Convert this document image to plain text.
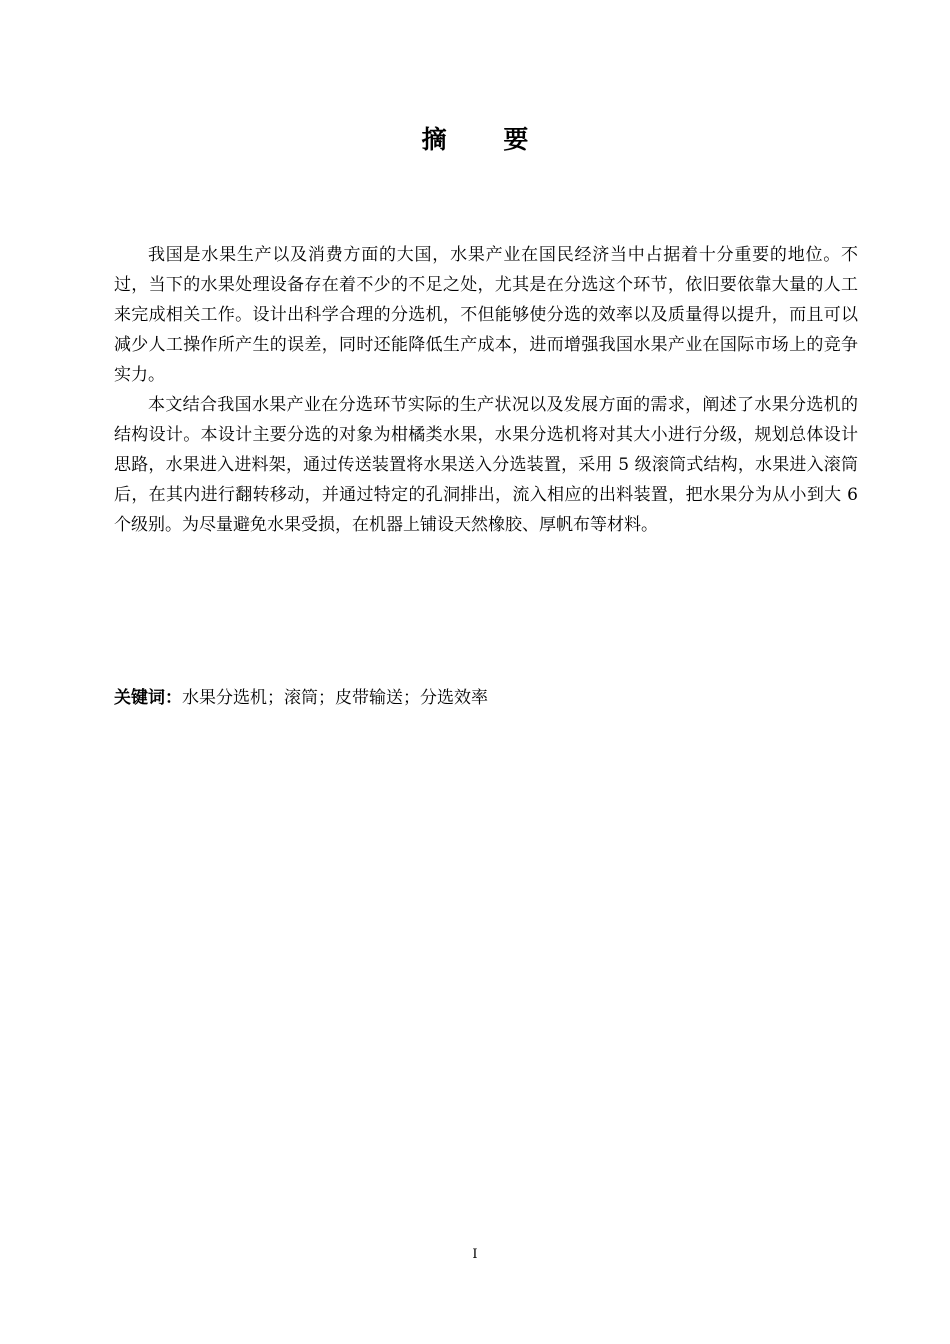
摘 要

我国是水果生产以及消费方面的大国，水果产业在国民经济当中占据着十分重要的地位。不过，当下的水果处理设备存在着不少的不足之处，尤其是在分选这个环节，依旧要依靠大量的人工来完成相关工作。设计出科学合理的分选机，不但能够使分选的效率以及质量得以提升，而且可以减少人工操作所产生的误差，同时还能降低生产成本，进而增强我国水果产业在国际市场上的竞争实力。

本文结合我国水果产业在分选环节实际的生产状况以及发展方面的需求，阐述了水果分选机的结构设计。本设计主要分选的对象为柑橘类水果，水果分选机将对其大小进行分级，规划总体设计思路，水果进入进料架，通过传送装置将水果送入分选装置，采用 5 级滚筒式结构，水果进入滚筒后，在其内进行翻转移动，并通过特定的孔洞排出，流入相应的出料装置，把水果分为从小到大 6 个级别。为尽量避免水果受损，在机器上铺设天然橡胶、厚帆布等材料。

关键词：水果分选机；滚筒；皮带输送；分选效率
I
